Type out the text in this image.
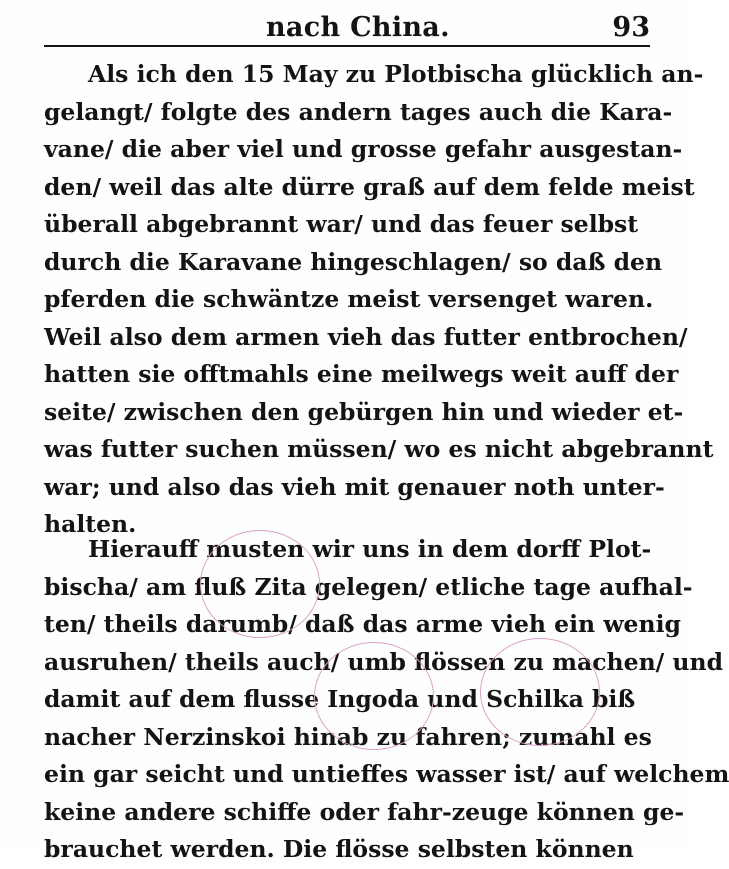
nach China.	93
Als ich den 15 May zu Plotbischa glücklich an-
gelangt/ folgte des andern tages auch die Kara-
vane/ die aber viel und grosse gefahr ausgestan-
den/ weil das alte dürre graß auf dem felde meist
überall abgebrannt war/ und das feuer selbst
durch die Karavane hingeschlagen/ so daß den
pferden die schwäntze meist versenget waren.
Weil also dem armen vieh das futter entbrochen/
hatten sie offtmahls eine meilwegs weit auff der
seite/ zwischen den gebürgen hin und wieder et-
was futter suchen müssen/ wo es nicht abgebrannt
war; und also das vieh mit genauer noth unter-
halten.
Hierauff musten wir uns in dem dorff Plot-
bischa/ am fluß Zita gelegen/ etliche tage aufhal-
ten/ theils darumb/ daß das arme vieh ein wenig
ausruhen/ theils auch/ umb flössen zu machen/ und
damit auf dem flusse Ingoda und Schilka biß
nacher Nerzinskoi hinab zu fahren; zumahl es
ein gar seicht und untieffes wasser ist/ auf welchem
keine andere schiffe oder fahr-zeuge können ge-
brauchet werden. Die flösse selbsten können
